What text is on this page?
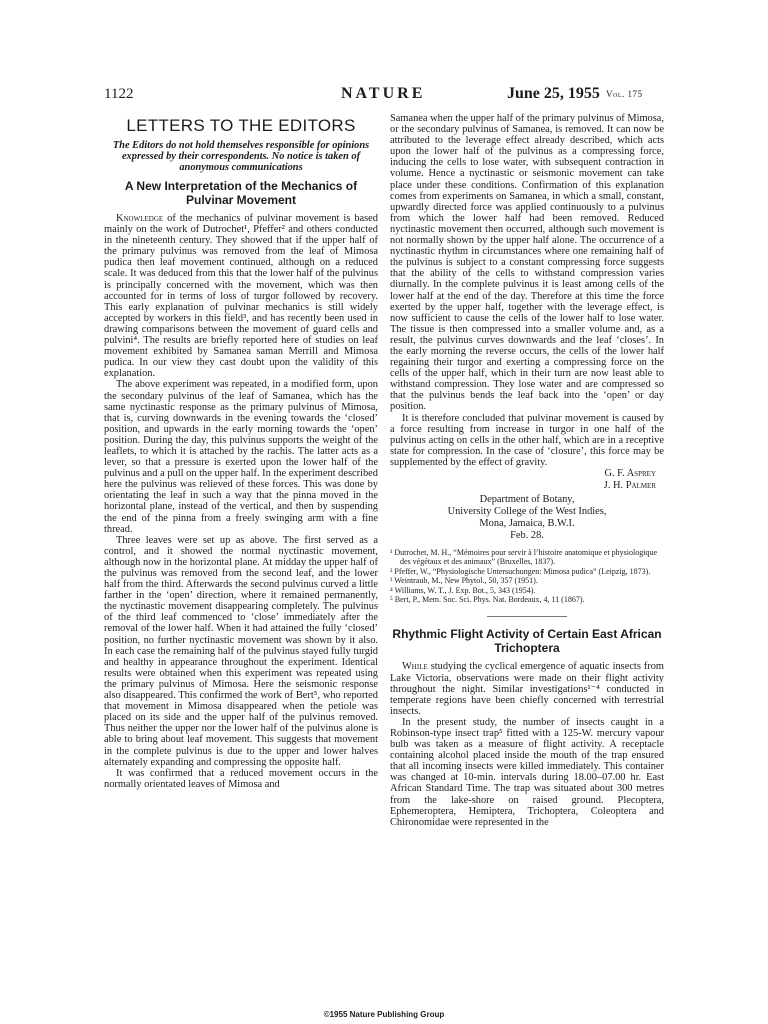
1122	NATURE	June 25, 1955 Vol. 175
LETTERS TO THE EDITORS
The Editors do not hold themselves responsible for opinions expressed by their correspondents. No notice is taken of anonymous communications
A New Interpretation of the Mechanics of Pulvinar Movement

Knowledge of the mechanics of pulvinar movement is based mainly on the work of Dutrochet¹, Pfeffer² and others conducted in the nineteenth century. They showed that if the upper half of the primary pulvinus was removed from the leaf of Mimosa pudica then leaf movement continued, although on a reduced scale. It was deduced from this that the lower half of the pulvinus is principally concerned with the movement, which was then accounted for in terms of loss of turgor followed by recovery. This early explanation of pulvinar mechanics is still widely accepted by workers in this field³, and has recently been used in drawing comparisons between the movement of guard cells and pulvini⁴. The results are briefly reported here of studies on leaf movement exhibited by Samanea saman Merrill and Mimosa pudica. In our view they cast doubt upon the validity of this explanation.

The above experiment was repeated, in a modified form, upon the secondary pulvinus of the leaf of Samanea, which has the same nyctinastic response as the primary pulvinus of Mimosa, that is, curving downwards in the evening towards the ‘closed’ position, and upwards in the early morning towards the ‘open’ position. During the day, this pulvinus supports the weight of the leaflets, to which it is attached by the rachis. The latter acts as a lever, so that a pressure is exerted upon the lower half of the pulvinus and a pull on the upper half. In the experiment described here the pulvinus was relieved of these forces. This was done by orientating the leaf in such a way that the pinna moved in the horizontal plane, instead of the vertical, and then by suspending the end of the pinna from a freely swinging arm with a fine thread.

Three leaves were set up as above. The first served as a control, and it showed the normal nyctinastic movement, although now in the horizontal plane. At midday the upper half of the pulvinus was removed from the second leaf, and the lower half from the third. Afterwards the second pulvinus curved a little farther in the ‘open’ direction, where it remained permanently, the nyctinastic movement disappearing completely. The pulvinus of the third leaf commenced to ‘close’ immediately after the removal of the lower half. When it had attained the fully ‘closed’ position, no further nyctinastic movement was shown by it also. In each case the remaining half of the pulvinus stayed fully turgid and healthy in appearance throughout the experiment. Identical results were obtained when this experiment was repeated using the primary pulvinus of Mimosa. Here the seismonic response also disappeared. This confirmed the work of Bert⁵, who reported that movement in Mimosa disappeared when the petiole was placed on its side and the upper half of the pulvinus removed. Thus neither the upper nor the lower half of the pulvinus alone is able to bring about leaf movement. This suggests that movement in the complete pulvinus is due to the upper and lower halves alternately expanding and compressing the opposite half.

It was confirmed that a reduced movement occurs in the normally orientated leaves of Mimosa and

Samanea when the upper half of the primary pulvinus of Mimosa, or the secondary pulvinus of Samanea, is removed. It can now be attributed to the leverage effect already described, which acts upon the lower half of the pulvinus as a compressing force, inducing the cells to lose water, with subsequent contraction in volume. Hence a nyctinastic or seismonic movement can take place under these conditions. Confirmation of this explanation comes from experiments on Samanea, in which a small, constant, upwardly directed force was applied continuously to a pulvinus from which the lower half had been removed. Reduced nyctinastic movement then occurred, although such movement is not normally shown by the upper half alone. The occurrence of a nyctinastic rhythm in circumstances where one remaining half of the pulvinus is subject to a constant compressing force suggests that the ability of the cells to withstand compression varies diurnally. In the complete pulvinus it is least among cells of the lower half at the end of the day. Therefore at this time the force exerted by the upper half, together with the leverage effect, is now sufficient to cause the cells of the lower half to lose water. The tissue is then compressed into a smaller volume and, as a result, the pulvinus curves downwards and the leaf ‘closes’. In the early morning the reverse occurs, the cells of the lower half regaining their turgor and exerting a compressing force on the cells of the upper half, which in their turn are now least able to withstand compression. They lose water and are compressed so that the pulvinus bends the leaf back into the ‘open’ or day position.

It is therefore concluded that pulvinar movement is caused by a force resulting from increase in turgor in one half of the pulvinus acting on cells in the other half, which are in a receptive state for compression. In the case of ‘closure’, this force may be supplemented by the effect of gravity.

G. F. Asprey
J. H. Palmer
Department of Botany,
University College of the West Indies,
Mona, Jamaica, B.W.I.
Feb. 28.
¹ Dutrochet, M. H., “Mémoires pour servir à l’histoire anatomique et physiologique des végétaux et des animaux” (Bruxelles, 1837).
² Pfeffer, W., “Physiologische Untersuchungen: Mimosa pudica” (Leipzig, 1873).
³ Weintraub, M., New Phytol., 50, 357 (1951).
⁴ Williams, W. T., J. Exp. Bot., 5, 343 (1954).
⁵ Bert, P., Mem. Soc. Sci. Phys. Nat. Bordeaux, 4, 11 (1867).
Rhythmic Flight Activity of Certain East African Trichoptera

While studying the cyclical emergence of aquatic insects from Lake Victoria, observations were made on their flight activity throughout the night. Similar investigations¹⁻⁴ conducted in temperate regions have been chiefly concerned with terrestrial insects.

In the present study, the number of insects caught in a Robinson-type insect trap⁵ fitted with a 125-W. mercury vapour bulb was taken as a measure of flight activity. A receptacle containing alcohol placed inside the mouth of the trap ensured that all incoming insects were killed immediately. This container was changed at 10-min. intervals during 18.00–07.00 hr. East African Standard Time. The trap was situated about 300 metres from the lake-shore on raised ground. Plecoptera, Ephemeroptera, Hemiptera, Trichoptera, Coleoptera and Chironomidae were represented in the

©1955 Nature Publishing Group
